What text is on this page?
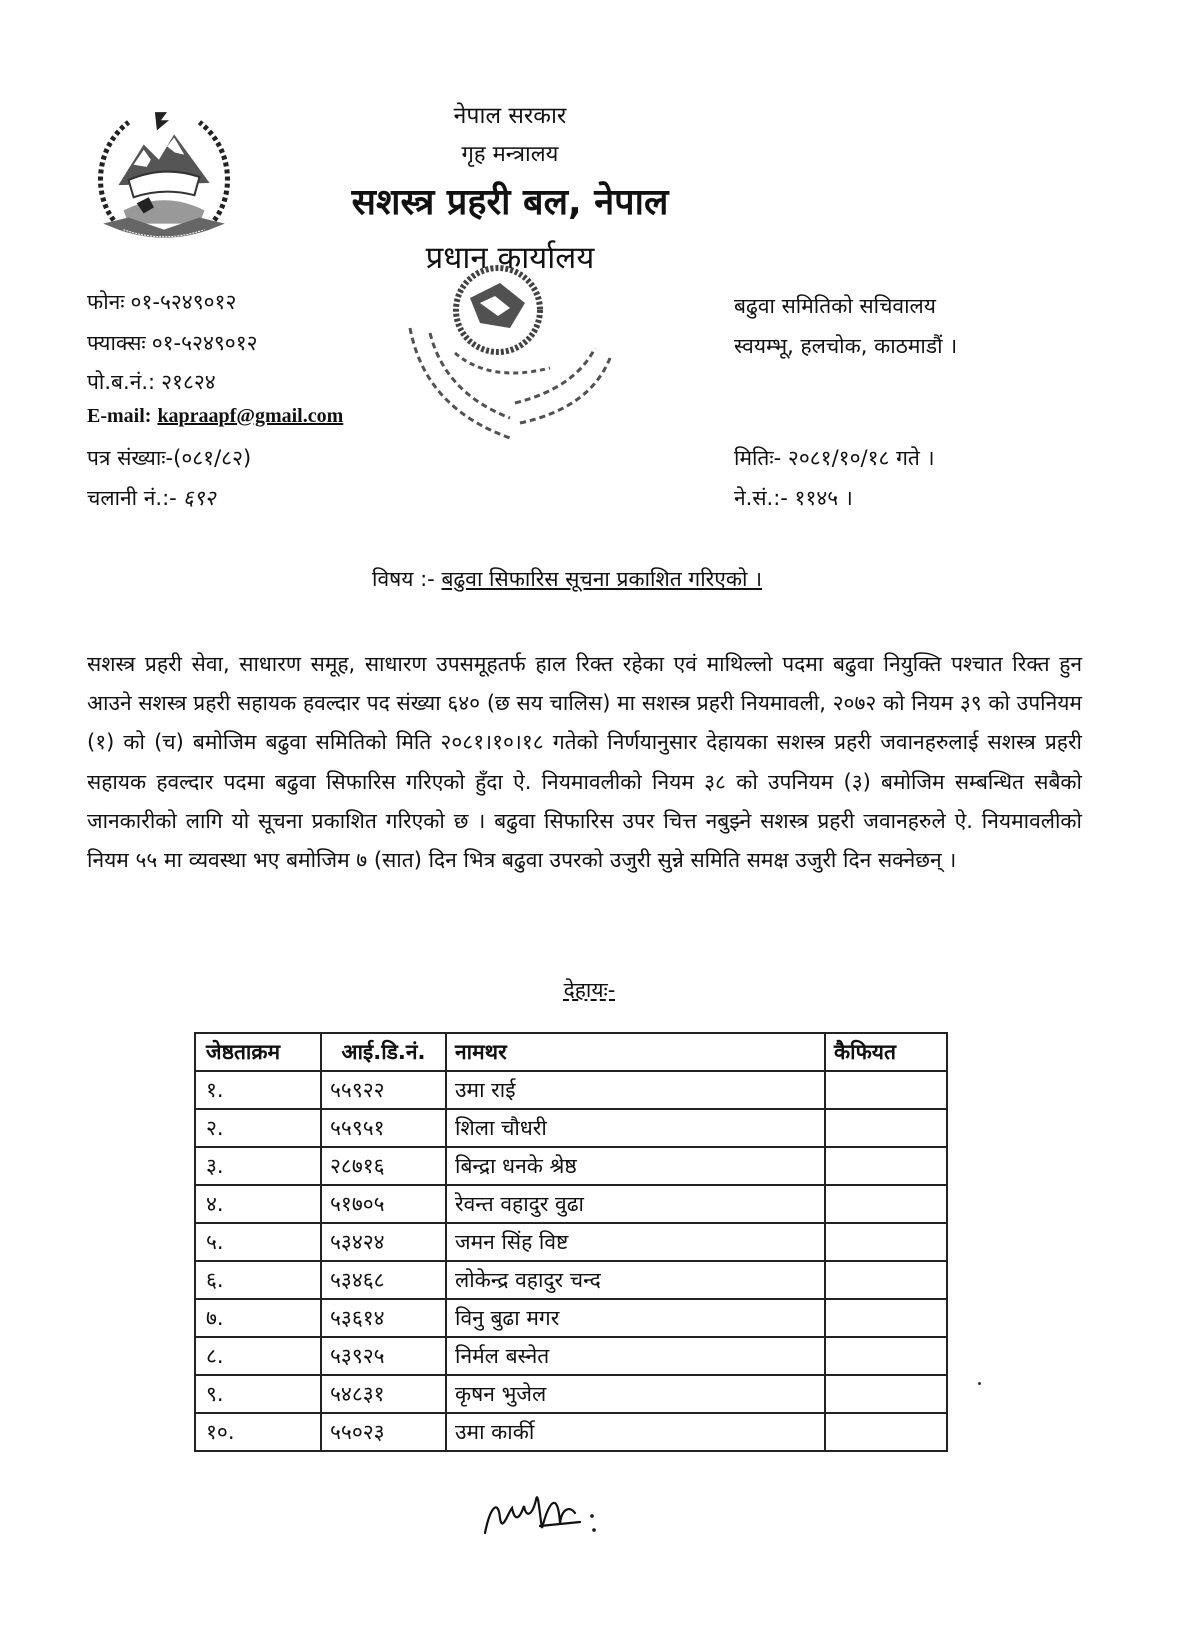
नेपाल सरकार
गृह मन्त्रालय
सशस्त्र प्रहरी बल, नेपाल
प्रधान कार्यालय
फोनः ०१-५२४९०१२
फ्याक्सः ०१-५२४९०१२
पो.ब.नं.: २१८२४
E-mail: kapraapf@gmail.com
पत्र संख्याः-(०८१/८२)
चलानी नं.:- ६९२
बढुवा समितिको सचिवालय
स्वयम्भू, हलचोक, काठमाडौं ।
मितिः- २०८१/१०/१८ गते ।
ने.सं.:- ११४५ ।
विषय :- बढुवा सिफारिस सूचना प्रकाशित गरिएको ।
सशस्त्र प्रहरी सेवा, साधारण समूह, साधारण उपसमूहतर्फ हाल रिक्त रहेका एवं माथिल्लो पदमा बढुवा नियुक्ति पश्चात रिक्त हुन आउने सशस्त्र प्रहरी सहायक हवल्दार पद संख्या ६४० (छ सय चालिस) मा सशस्त्र प्रहरी नियमावली, २०७२ को नियम ३९ को उपनियम (१) को (च) बमोजिम बढुवा समितिको मिति २०८१।१०।१८ गतेको निर्णयानुसार देहायका सशस्त्र प्रहरी जवानहरुलाई सशस्त्र प्रहरी सहायक हवल्दार पदमा बढुवा सिफारिस गरिएको हुँदा ऐ. नियमावलीको नियम ३८ को उपनियम (३) बमोजिम सम्बन्धित सबैको जानकारीको लागि यो सूचना प्रकाशित गरिएको छ । बढुवा सिफारिस उपर चित्त नबुझ्ने सशस्त्र प्रहरी जवानहरुले ऐ. नियमावलीको नियम ५५ मा व्यवस्था भए बमोजिम ७ (सात) दिन भित्र बढुवा उपरको उजुरी सुन्ने समिति समक्ष उजुरी दिन सक्नेछन् ।
देहायः-
जेष्ठताक्रम	आई.डि.नं.	नामथर	कैफियत
१.	५५९२२	उमा राई	
२.	५५९५१	शिला चौधरी	
३.	२८७१६	बिन्द्रा धनके श्रेष्ठ	
४.	५१७०५	रेवन्त वहादुर वुढा	
५.	५३४२४	जमन सिंह विष्ट	
६.	५३४६८	लोकेन्द्र वहादुर चन्द	
७.	५३६१४	विनु बुढा मगर	
८.	५३९२५	निर्मल बस्नेत	
९.	५४८३१	कृषन भुजेल	
१०.	५५०२३	उमा कार्की	
